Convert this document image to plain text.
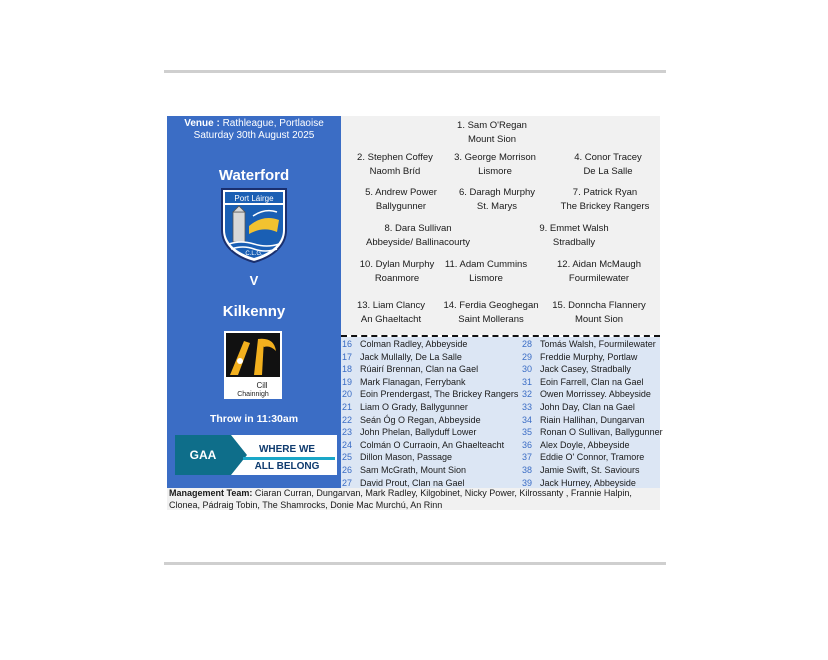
Venue : Rathleague, Portlaoise
Saturday 30th August 2025
Waterford
Port Láirge
C.L.G.
V
Kilkenny
Cill
Chainnigh
Throw in 11:30am
GAA	WHERE WE
ALL BELONG
1. Sam O'Regan
Mount Sion
2. Stephen Coffey
Naomh Bríd
3. George Morrison
Lismore
4. Conor Tracey
De La Salle
5. Andrew Power
Ballygunner
6. Daragh Murphy
St. Marys
7. Patrick Ryan
The Brickey Rangers
8. Dara Sullivan
Abbeyside/ Ballinacourty
9. Emmet Walsh
Stradbally
10. Dylan Murphy
Roanmore
11. Adam Cummins
Lismore
12. Aidan McMaugh
Fourmilewater
13. Liam Clancy
An Ghaeltacht
14. Ferdia Geoghegan
Saint Mollerans
15. Donncha Flannery
Mount Sion
16 Colman Radley, Abbeyside
17 Jack Mullally, De La Salle
18 Rúairí Brennan, Clan na Gael
19 Mark Flanagan, Ferrybank
20 Eoin Prendergast, The Brickey Rangers
21 Liam O Grady, Ballygunner
22 Seán Óg O Regan, Abbeyside
23 John Phelan, Ballyduff Lower
24 Colmán O Curraoin, An Ghaelteacht
25 Dillon Mason, Passage
26 Sam McGrath, Mount Sion
27 David Prout, Clan na Gael
28 Tomás Walsh, Fourmilewater
29 Freddie Murphy, Portlaw
30 Jack Casey, Stradbally
31 Eoin Farrell, Clan na Gael
32 Owen Morrissey. Abbeyside
33 John Day, Clan na Gael
34 Riain Hallihan, Dungarvan
35 Ronan O Sullivan, Ballygunner
36 Alex Doyle, Abbeyside
37 Eddie O' Connor, Tramore
38 Jamie Swift, St. Saviours
39 Jack Hurney, Abbeyside
Management Team: Ciaran Curran, Dungarvan, Mark Radley, Kilgobinet, Nicky Power, Kilrossanty , Frannie Halpin, Clonea, Pádraig Tobin, The Shamrocks, Donie Mac Murchú, An Rinn
